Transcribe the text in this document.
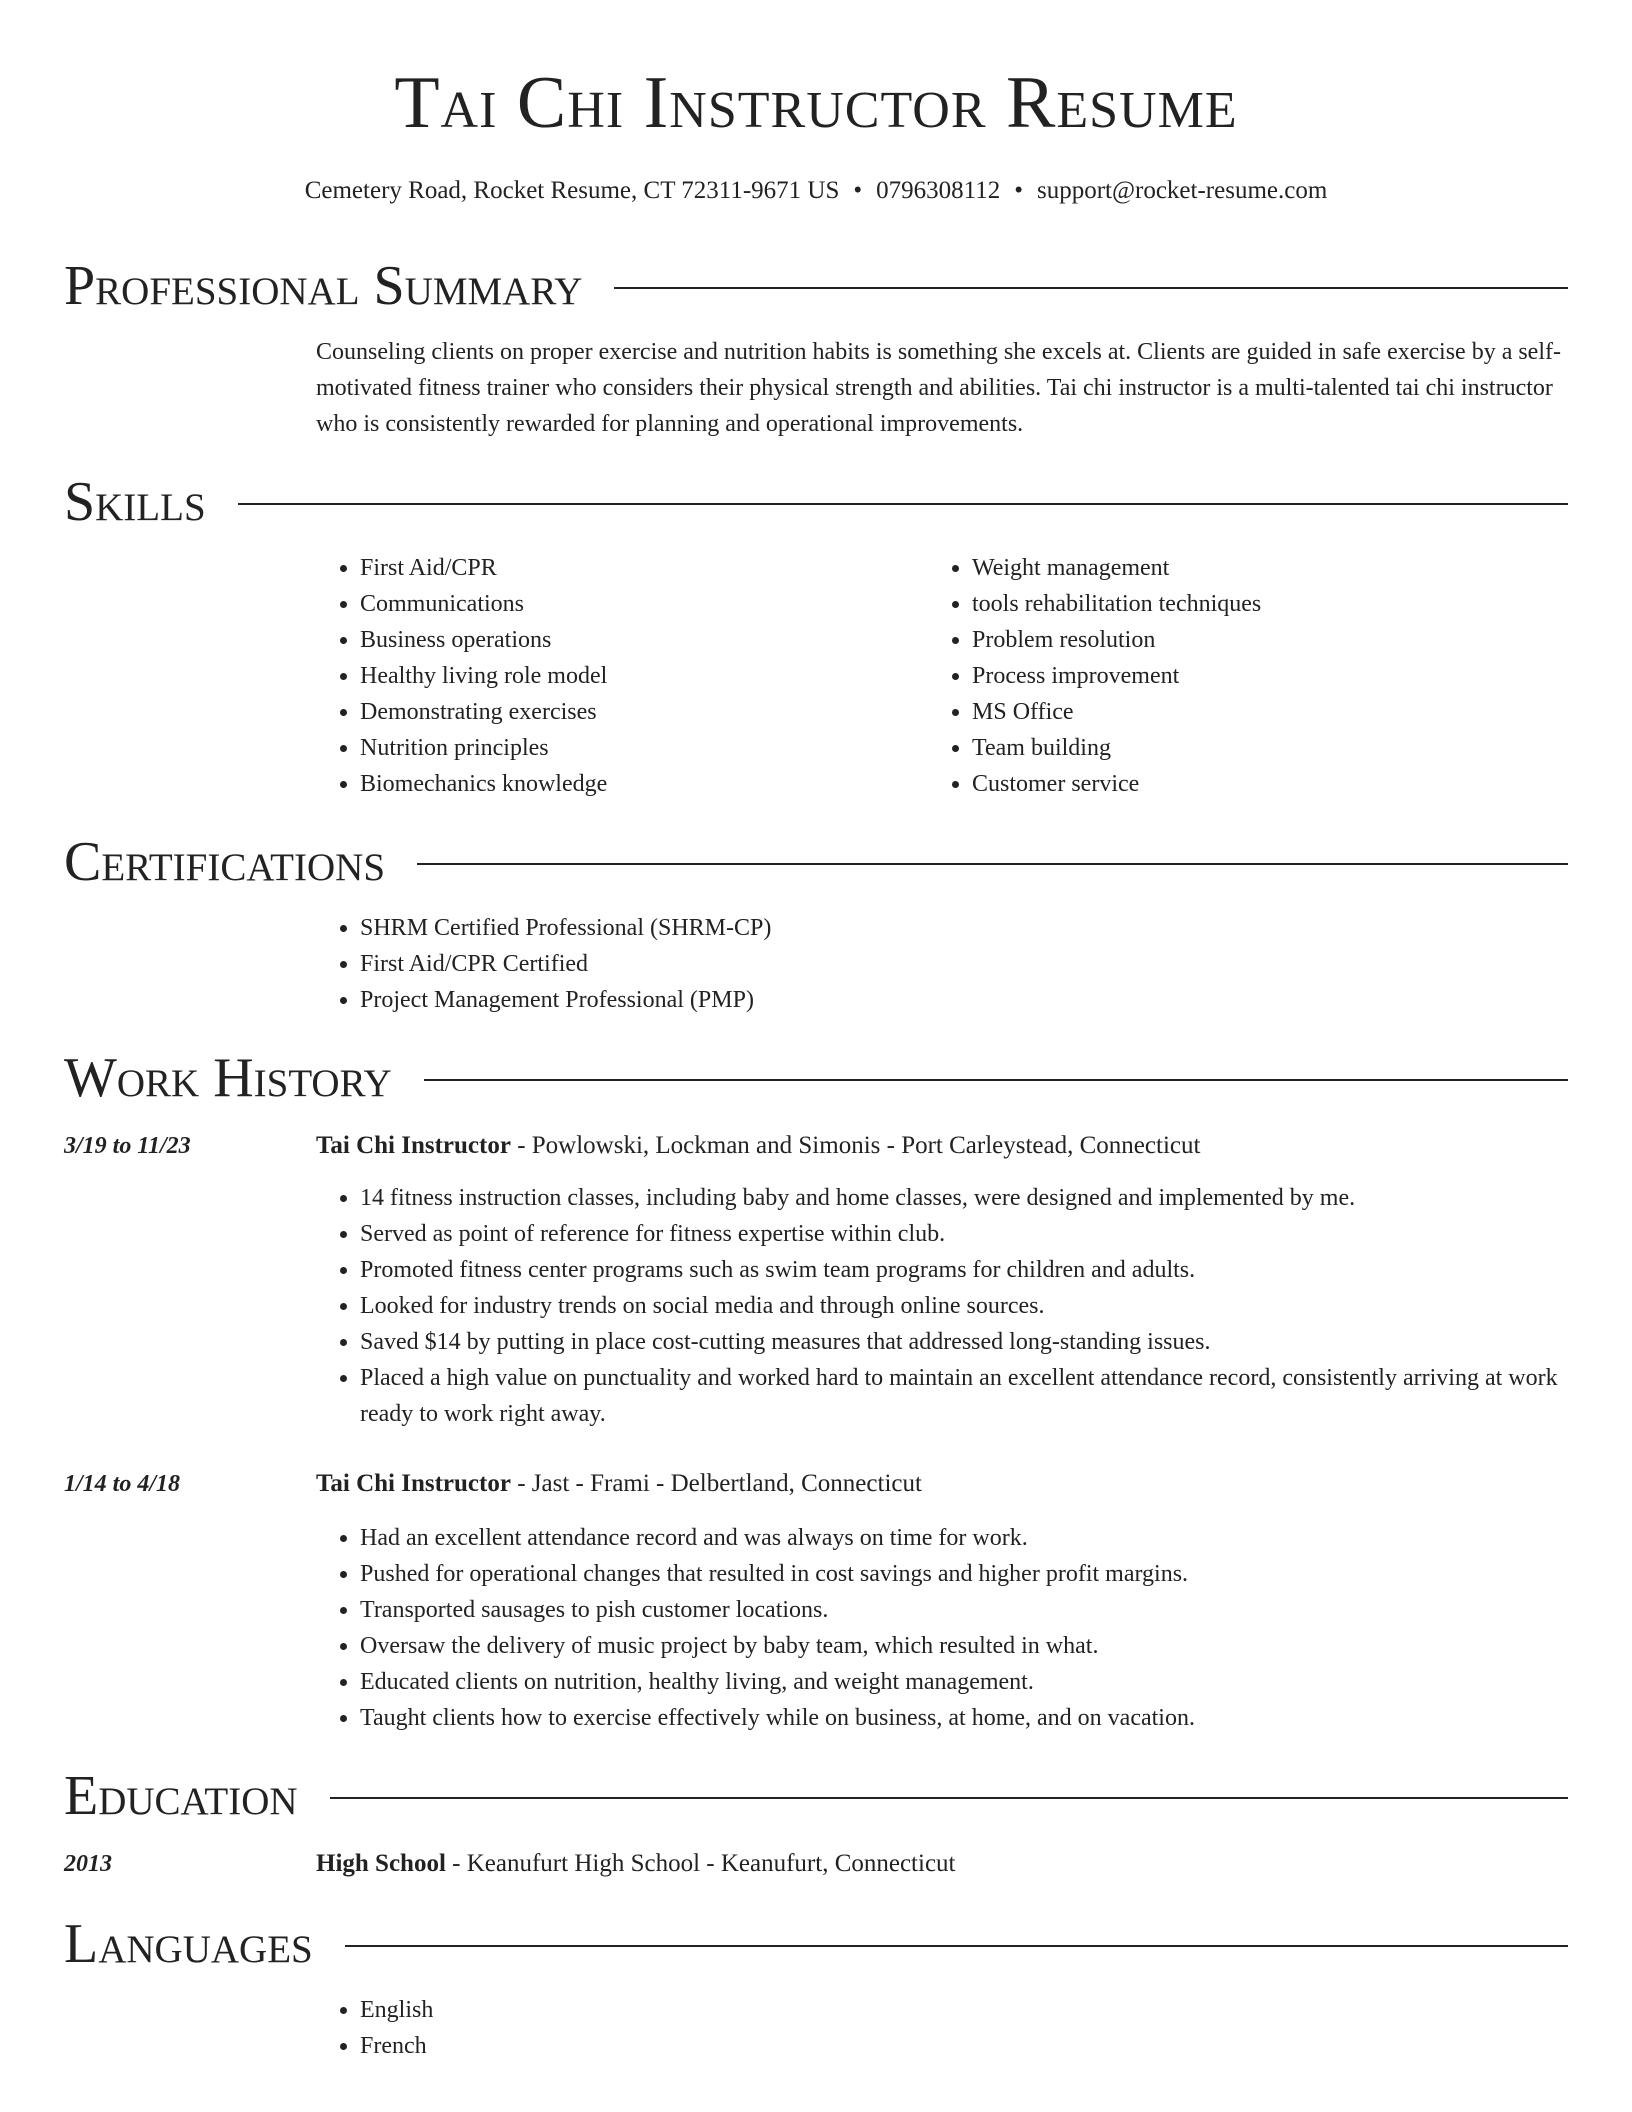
Tai Chi Instructor Resume
Cemetery Road, Rocket Resume, CT 72311-9671 US • 0796308112 • support@rocket-resume.com
Professional Summary
Counseling clients on proper exercise and nutrition habits is something she excels at. Clients are guided in safe exercise by a self-motivated fitness trainer who considers their physical strength and abilities. Tai chi instructor is a multi-talented tai chi instructor who is consistently rewarded for planning and operational improvements.
Skills
• First Aid/CPR
• Communications
• Business operations
• Healthy living role model
• Demonstrating exercises
• Nutrition principles
• Biomechanics knowledge
• Weight management
• tools rehabilitation techniques
• Problem resolution
• Process improvement
• MS Office
• Team building
• Customer service
Certifications
• SHRM Certified Professional (SHRM-CP)
• First Aid/CPR Certified
• Project Management Professional (PMP)
Work History
3/19 to 11/23	Tai Chi Instructor - Powlowski, Lockman and Simonis - Port Carleystead, Connecticut
• 14 fitness instruction classes, including baby and home classes, were designed and implemented by me.
• Served as point of reference for fitness expertise within club.
• Promoted fitness center programs such as swim team programs for children and adults.
• Looked for industry trends on social media and through online sources.
• Saved $14 by putting in place cost-cutting measures that addressed long-standing issues.
• Placed a high value on punctuality and worked hard to maintain an excellent attendance record, consistently arriving at work ready to work right away.
1/14 to 4/18	Tai Chi Instructor - Jast - Frami - Delbertland, Connecticut
• Had an excellent attendance record and was always on time for work.
• Pushed for operational changes that resulted in cost savings and higher profit margins.
• Transported sausages to pish customer locations.
• Oversaw the delivery of music project by baby team, which resulted in what.
• Educated clients on nutrition, healthy living, and weight management.
• Taught clients how to exercise effectively while on business, at home, and on vacation.
Education
2013	High School - Keanufurt High School - Keanufurt, Connecticut
Languages
• English
• French
